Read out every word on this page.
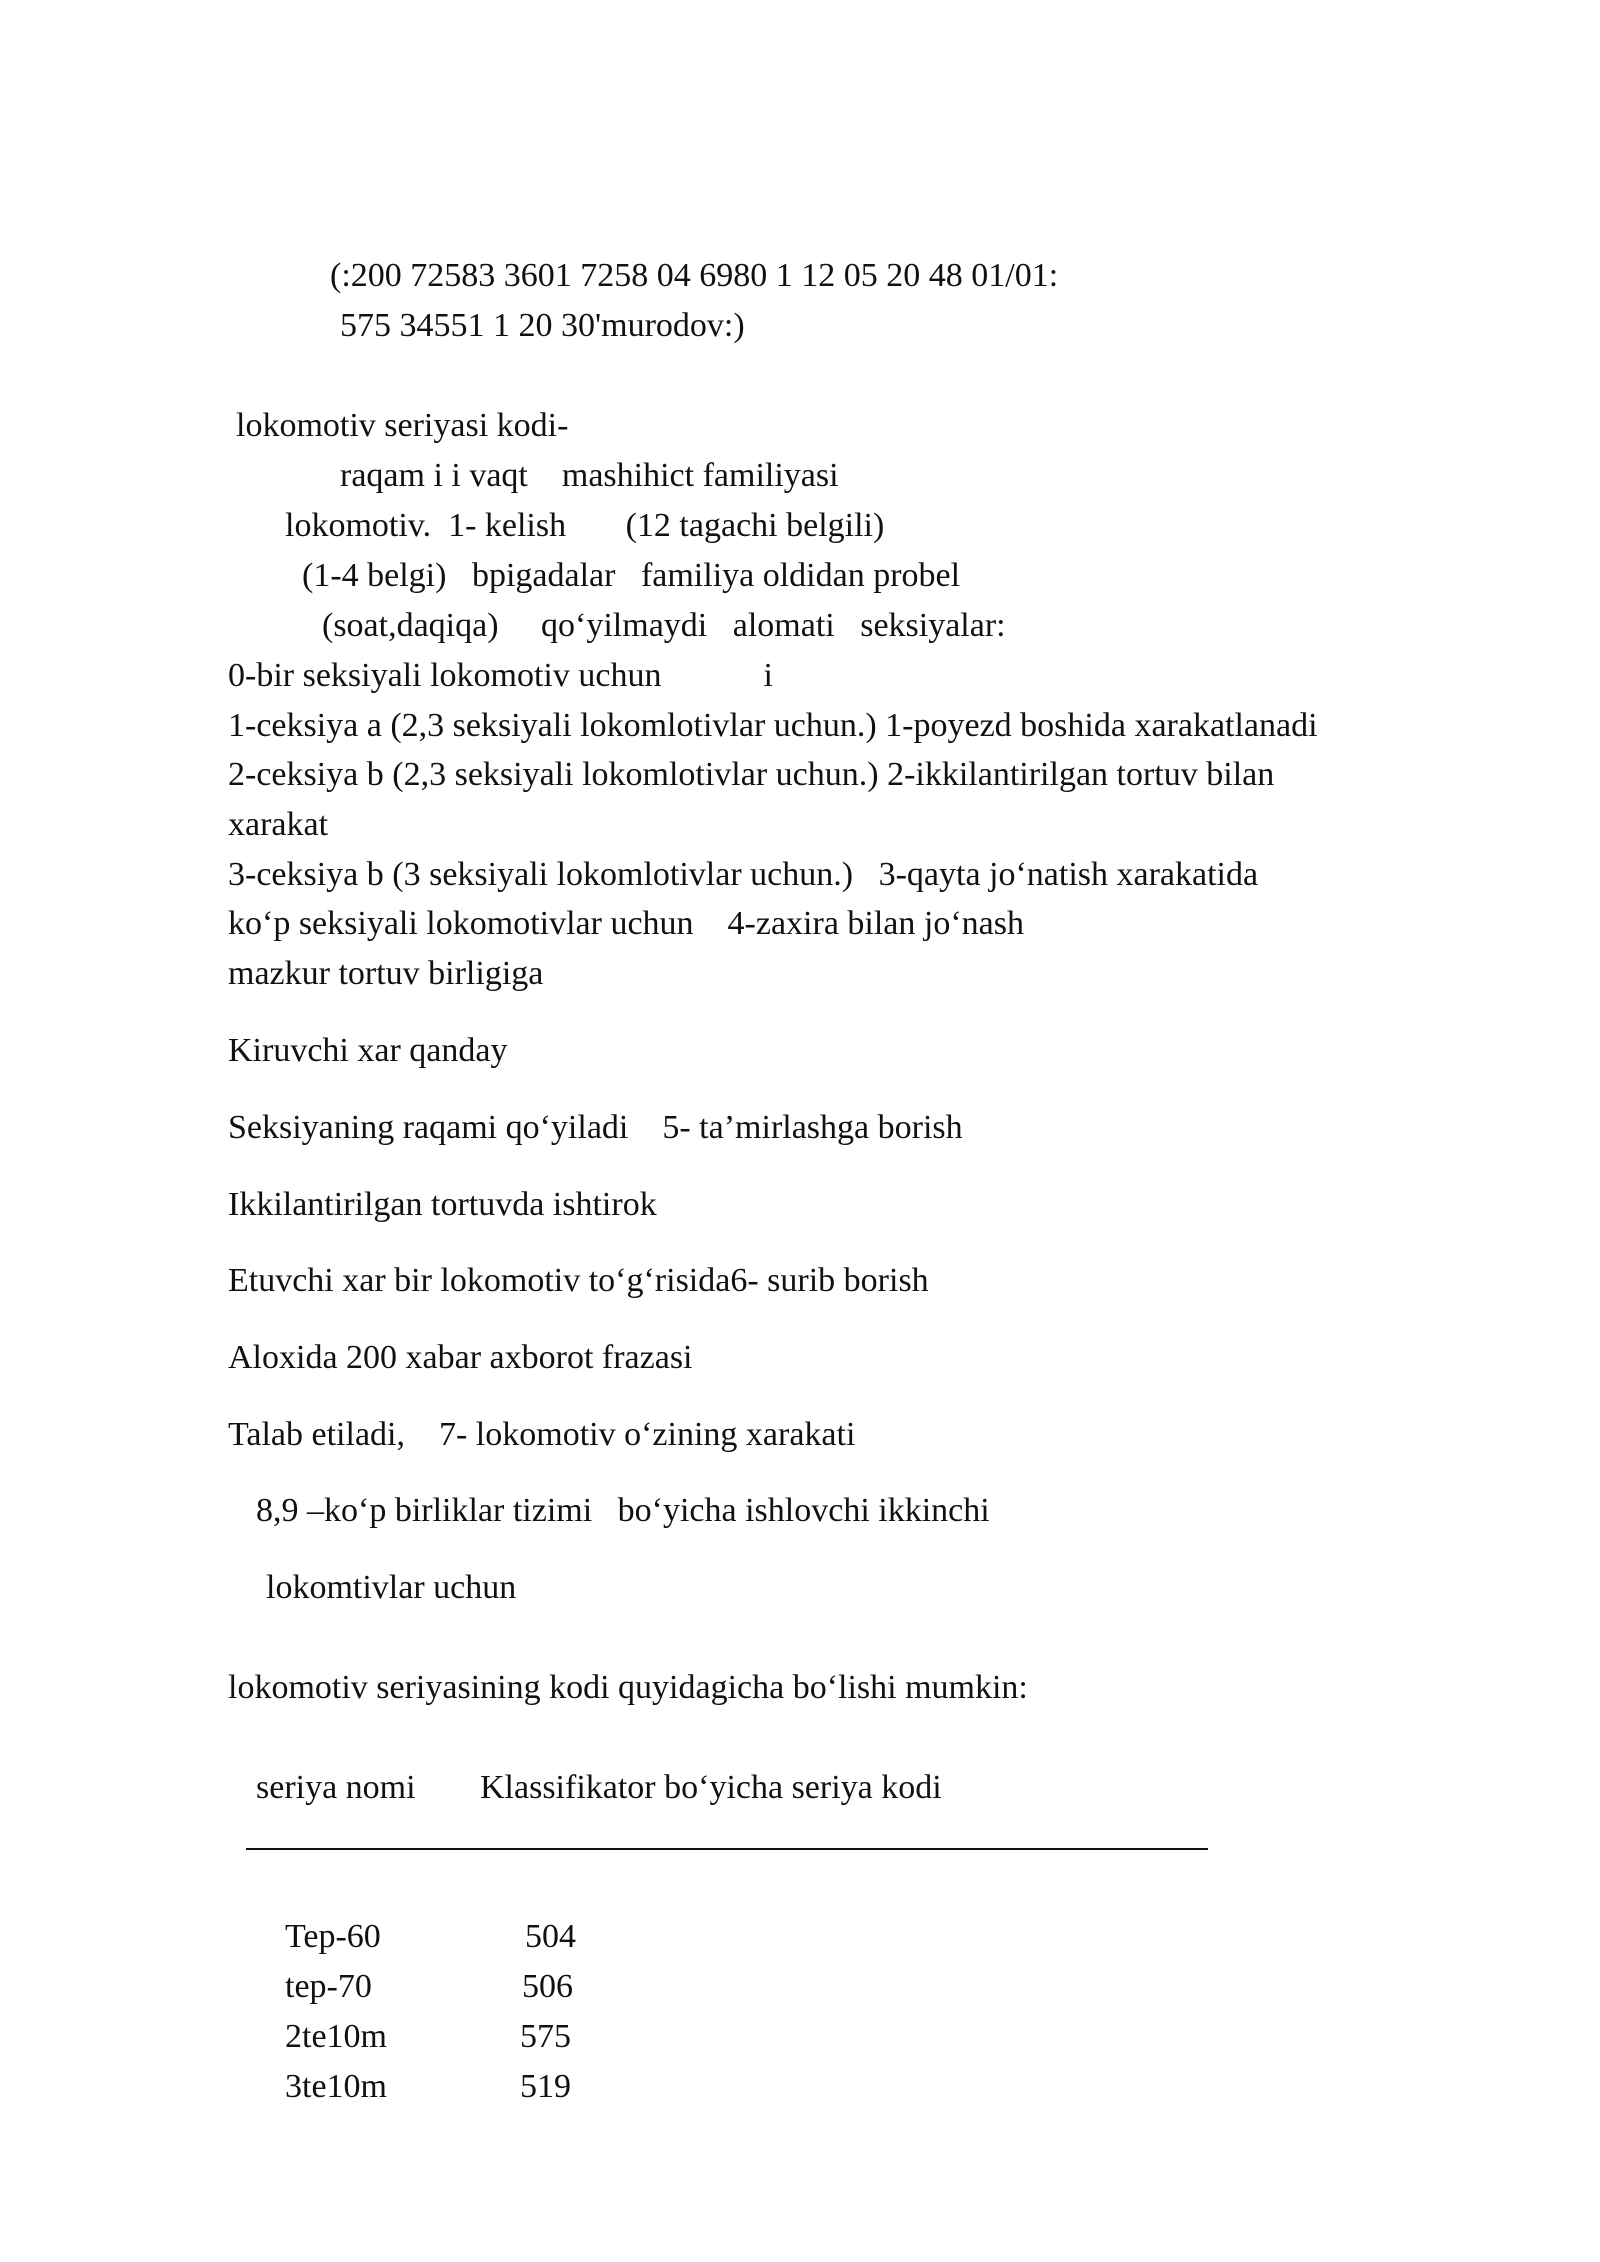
(:200 72583 3601 7258 04 6980 1 12 05 20 48 01/01:
575 34551 1 20 30'murodov:)
lokomotiv seriyasi kodi-
raqam i i vaqt    mashihict familiyasi
lokomotiv.  1- kelish       (12 tagachi belgili)
(1-4 belgi)   bpigadalar   familiya oldidan probel
(soat,daqiqa)     qo‘yilmaydi   alomati   seksiyalar:
0-bir seksiyali lokomotiv uchun            i
1-ceksiya a (2,3 seksiyali lokomlotivlar uchun.) 1-poyezd boshida xarakatlanadi
2-ceksiya b (2,3 seksiyali lokomlotivlar uchun.) 2-ikkilantirilgan tortuv bilan
xarakat
3-ceksiya b (3 seksiyali lokomlotivlar uchun.)   3-qayta jo‘natish xarakatida
ko‘p seksiyali lokomotivlar uchun    4-zaxira bilan jo‘nash
mazkur tortuv birligiga
Kiruvchi xar qanday
Seksiyaning raqami qo‘yiladi    5- ta’mirlashga borish
Ikkilantirilgan tortuvda ishtirok
Etuvchi xar bir lokomotiv to‘g‘risida6- surib borish
Aloxida 200 xabar axborot frazasi
Talab etiladi,    7- lokomotiv o‘zining xarakati
8,9 –ko‘p birliklar tizimi   bo‘yicha ishlovchi ikkinchi
lokomtivlar uchun
lokomotiv seriyasining kodi quyidagicha bo‘lishi mumkin:
seriya nomi Klassifikator bo‘yicha seriya kodi
Tep-60	504
tep-70	506
2te10m	575
3te10m	519
